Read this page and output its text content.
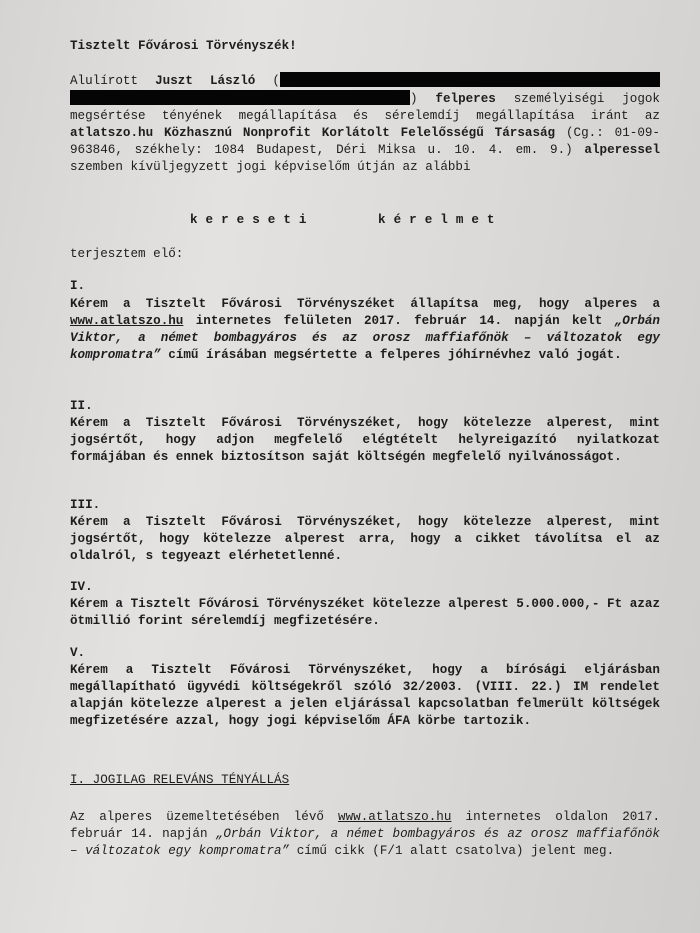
Tisztelt Fővárosi Törvényszék!
Alulírott Juszt László ( ) felperes személyiségi jogok megsértése tényének megállapítása és sérelemdíj megállapítása iránt az atlatszo.hu Közhasznú Nonprofit Korlátolt Felelősségű Társaság (Cg.: 01-09-963846, székhely: 1084 Budapest, Déri Miksa u. 10. 4. em. 9.) alperessel szemben kívüljegyzett jogi képviselőm útján az alábbi
kereseti	kérelmet
terjesztem elő:
I.
Kérem a Tisztelt Fővárosi Törvényszéket állapítsa meg, hogy alperes a www.atlatszo.hu internetes felületen 2017. február 14. napján kelt „Orbán Viktor, a német bombagyáros és az orosz maffiafőnök – változatok egy kompromatra” című írásában megsértette a felperes jóhírnévhez való jogát.
II.
Kérem a Tisztelt Fővárosi Törvényszéket, hogy kötelezze alperest, mint jogsértőt, hogy adjon megfelelő elégtételt helyreigazító nyilatkozat formájában és ennek biztosítson saját költségén megfelelő nyilvánosságot.
III.
Kérem a Tisztelt Fővárosi Törvényszéket, hogy kötelezze alperest, mint jogsértőt, hogy kötelezze alperest arra, hogy a cikket távolítsa el az oldalról, s tegyeazt elérhetetlenné.
IV.
Kérem a Tisztelt Fővárosi Törvényszéket kötelezze alperest 5.000.000,- Ft azaz ötmillió forint sérelemdíj megfizetésére.
V.
Kérem a Tisztelt Fővárosi Törvényszéket, hogy a bírósági eljárásban megállapítható ügyvédi költségekről szóló 32/2003. (VIII. 22.) IM rendelet alapján kötelezze alperest a jelen eljárással kapcsolatban felmerült költségek megfizetésére azzal, hogy jogi képviselőm ÁFA körbe tartozik.
I. JOGILAG RELEVÁNS TÉNYÁLLÁS
Az alperes üzemeltetésében lévő www.atlatszo.hu internetes oldalon 2017. február 14. napján „Orbán Viktor, a német bombagyáros és az orosz maffiafőnök – változatok egy kompromatra” című cikk (F/1 alatt csatolva) jelent meg.
